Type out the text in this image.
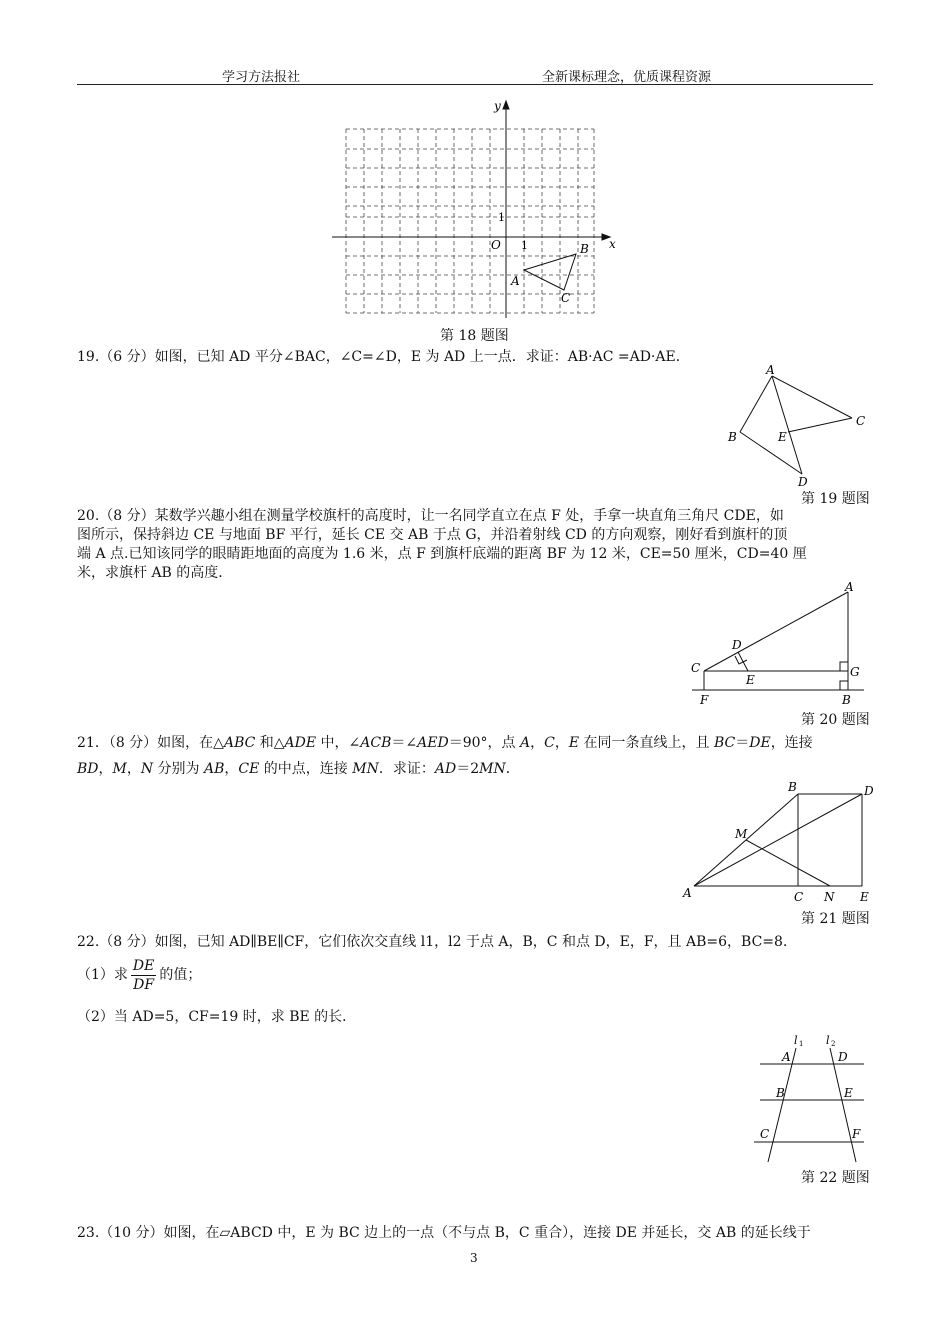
学习方法报社	全新课标理念，优质课程资源
y
x
O 1
1
A
B
C
第 18 题图
19.（6 分）如图，已知 AD 平分∠BAC，∠C=∠D，E 为 AD 上一点．求证：AB·AC =AD·AE．
A
B
C
D
E
第 19 题图
20.（8 分）某数学兴趣小组在测量学校旗杆的高度时，让一名同学直立在点 F 处，手拿一块直角三角尺 CDE，如
图所示，保持斜边 CE 与地面 BF 平行，延长 CE 交 AB 于点 G，并沿着射线 CD 的方向观察，刚好看到旗杆的顶
端 A 点.已知该同学的眼睛距地面的高度为 1.6 米，点 F 到旗杆底端的距离 BF 为 12 米，CE=50 厘米，CD=40 厘
米，求旗杆 AB 的高度．
A
B
C
D
E
F
G
第 20 题图
21．（8 分）如图，在△ABC 和△ADE 中，∠ACB＝∠AED＝90°，点 A，C，E 在同一条直线上，且 BC＝DE，连接
BD，M，N 分别为 AB，CE 的中点，连接 MN．求证：AD＝2MN．
A
B
C
D
E
M
N
第 21 题图
22.（8 分）如图，已知 AD∥BE∥CF，它们依次交直线 l1，l2 于点 A，B，C 和点 D，E，F，且 AB=6，BC=8．
（1）求 $\frac{DE}{DF}$ 的值；
（2）当 AD=5，CF=19 时，求 BE 的长．
l 1 l 2
A
B
C
D
E
F
第 22 题图
23.（10 分）如图，在▱ABCD 中，E 为 BC 边上的一点（不与点 B，C 重合），连接 DE 并延长，交 AB 的延长线于
3
